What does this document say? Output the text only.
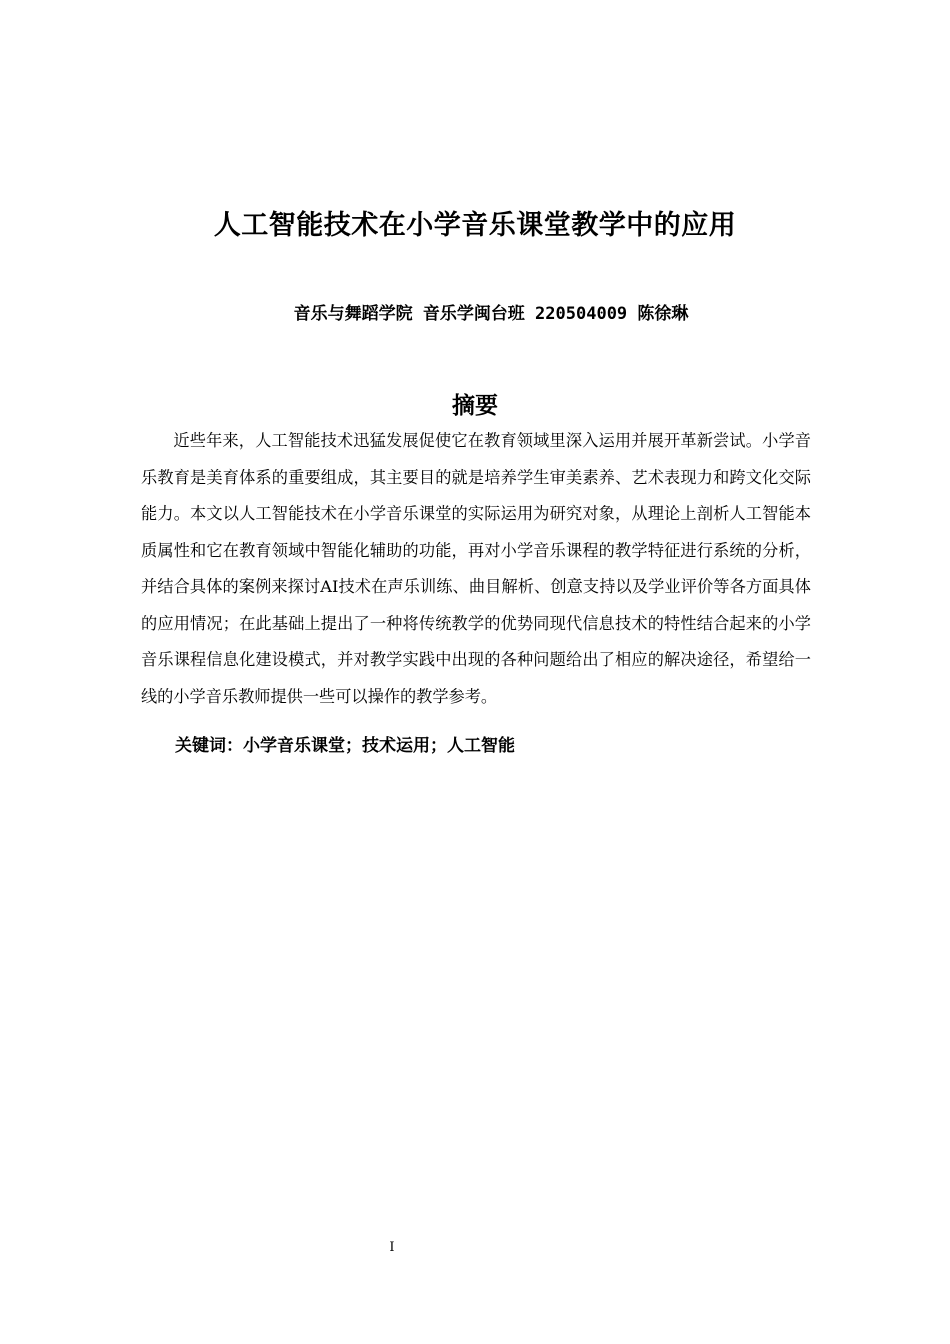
人工智能技术在小学音乐课堂教学中的应用
音乐与舞蹈学院 音乐学闽台班 220504009 陈徐琳
摘要

近些年来，人工智能技术迅猛发展促使它在教育领域里深入运用并展开革新尝试。小学音乐教育是美育体系的重要组成，其主要目的就是培养学生审美素养、艺术表现力和跨文化交际能力。本文以人工智能技术在小学音乐课堂的实际运用为研究对象，从理论上剖析人工智能本质属性和它在教育领域中智能化辅助的功能，再对小学音乐课程的教学特征进行系统的分析，并结合具体的案例来探讨AI技术在声乐训练、曲目解析、创意支持以及学业评价等各方面具体的应用情况；在此基础上提出了一种将传统教学的优势同现代信息技术的特性结合起来的小学音乐课程信息化建设模式，并对教学实践中出现的各种问题给出了相应的解决途径，希望给一线的小学音乐教师提供一些可以操作的教学参考。

关键词：小学音乐课堂；技术运用；人工智能
I
